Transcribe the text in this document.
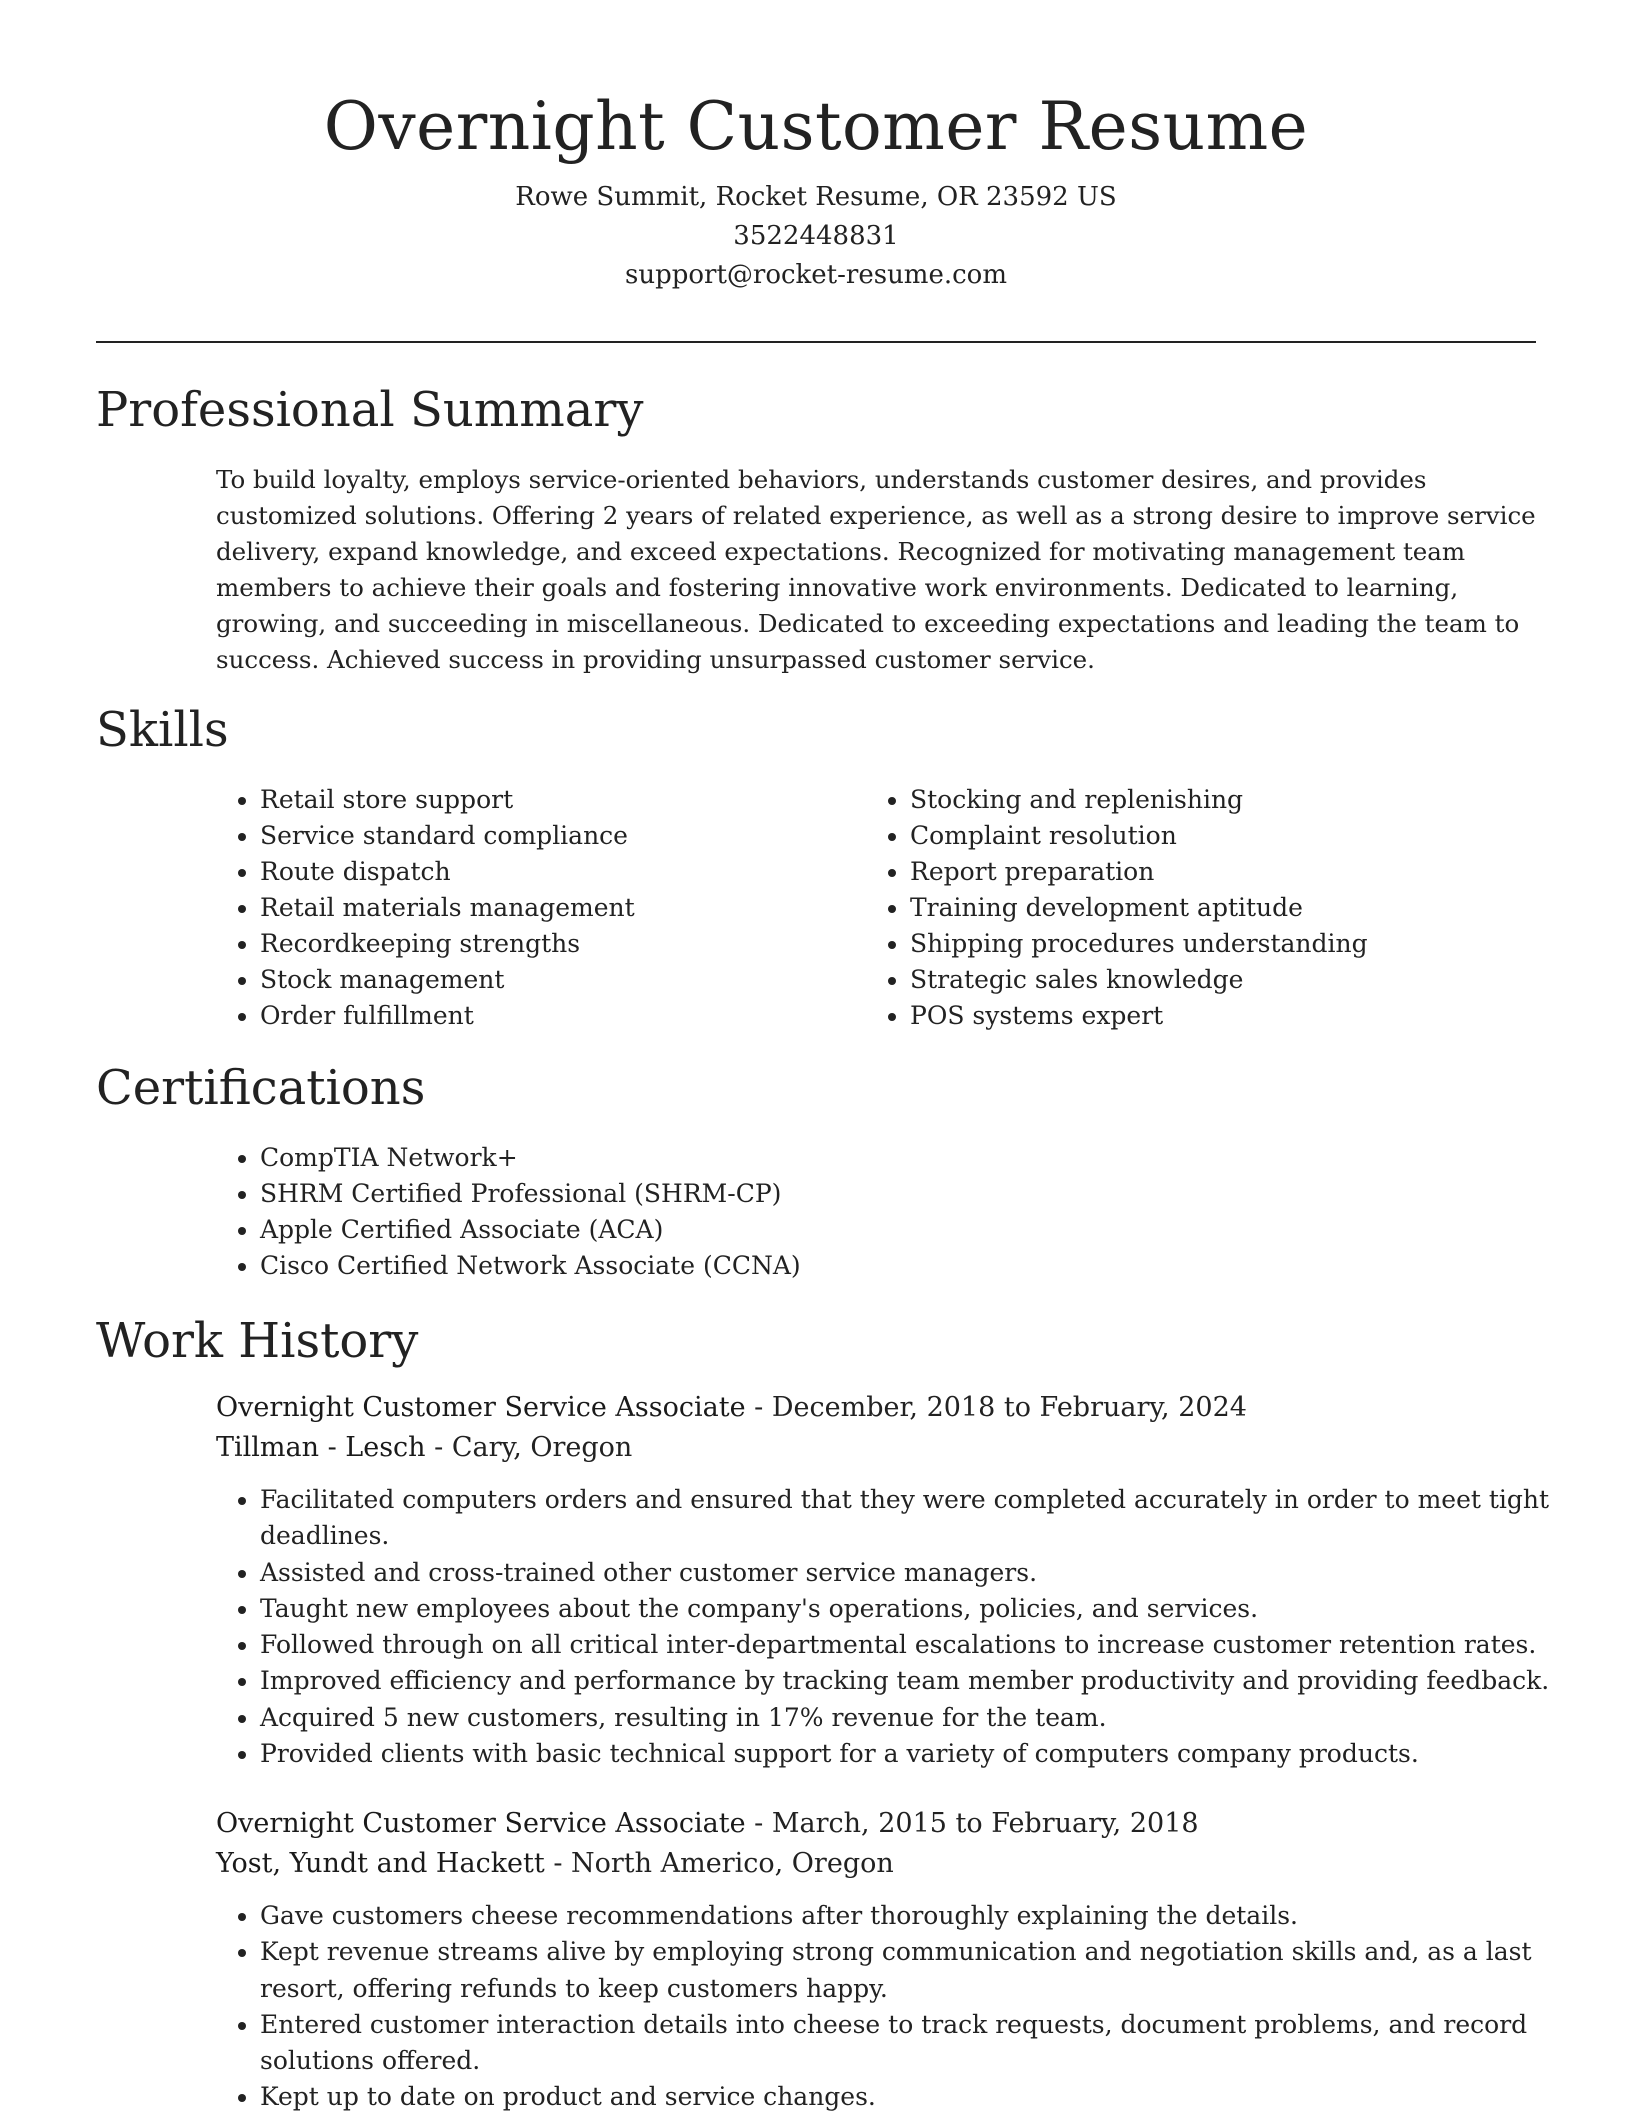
Overnight Customer Resume
Rowe Summit, Rocket Resume, OR 23592 US
3522448831
support@rocket-resume.com
Professional Summary

To build loyalty, employs service-oriented behaviors, understands customer desires, and provides customized solutions. Offering 2 years of related experience, as well as a strong desire to improve service delivery, expand knowledge, and exceed expectations. Recognized for motivating management team members to achieve their goals and fostering innovative work environments. Dedicated to learning, growing, and succeeding in miscellaneous. Dedicated to exceeding expectations and leading the team to success. Achieved success in providing unsurpassed customer service.

Skills
• Retail store support
• Service standard compliance
• Route dispatch
• Retail materials management
• Recordkeeping strengths
• Stock management
• Order fulfillment
• Stocking and replenishing
• Complaint resolution
• Report preparation
• Training development aptitude
• Shipping procedures understanding
• Strategic sales knowledge
• POS systems expert
Certifications
• CompTIA Network+
• SHRM Certified Professional (SHRM-CP)
• Apple Certified Associate (ACA)
• Cisco Certified Network Associate (CCNA)
Work History
Overnight Customer Service Associate - December, 2018 to February, 2024
Tillman - Lesch - Cary, Oregon
• Facilitated computers orders and ensured that they were completed accurately in order to meet tight deadlines.
• Assisted and cross-trained other customer service managers.
• Taught new employees about the company's operations, policies, and services.
• Followed through on all critical inter-departmental escalations to increase customer retention rates.
• Improved efficiency and performance by tracking team member productivity and providing feedback.
• Acquired 5 new customers, resulting in 17% revenue for the team.
• Provided clients with basic technical support for a variety of computers company products.
Overnight Customer Service Associate - March, 2015 to February, 2018
Yost, Yundt and Hackett - North Americo, Oregon
• Gave customers cheese recommendations after thoroughly explaining the details.
• Kept revenue streams alive by employing strong communication and negotiation skills and, as a last resort, offering refunds to keep customers happy.
• Entered customer interaction details into cheese to track requests, document problems, and record solutions offered.
• Kept up to date on product and service changes.
